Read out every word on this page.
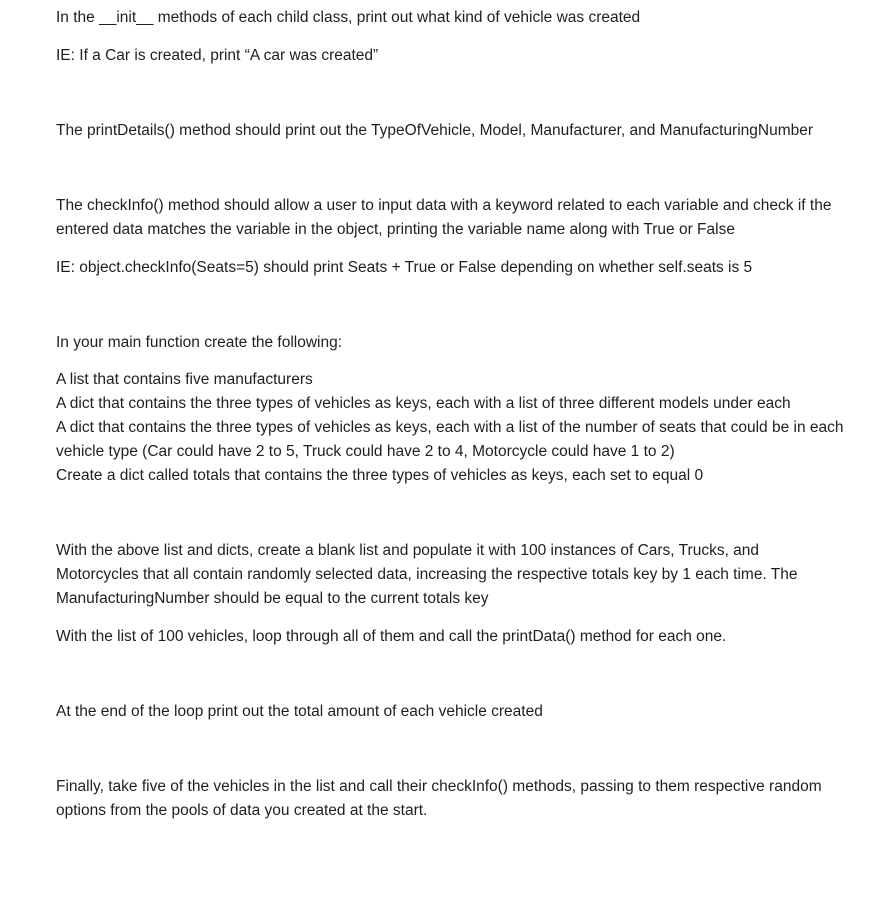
In the __init__ methods of each child class, print out what kind of vehicle was created

IE: If a Car is created, print “A car was created”

The printDetails() method should print out the TypeOfVehicle, Model, Manufacturer, and ManufacturingNumber

The checkInfo() method should allow a user to input data with a keyword related to each variable and check if the entered data matches the variable in the object, printing the variable name along with True or False

IE: object.checkInfo(Seats=5) should print Seats + True or False depending on whether self.seats is 5

In your main function create the following:

A list that contains five manufacturers

A dict that contains the three types of vehicles as keys, each with a list of three different models under each

A dict that contains the three types of vehicles as keys, each with a list of the number of seats that could be in each vehicle type (Car could have 2 to 5, Truck could have 2 to 4, Motorcycle could have 1 to 2)

Create a dict called totals that contains the three types of vehicles as keys, each set to equal 0

With the above list and dicts, create a blank list and populate it with 100 instances of Cars, Trucks, and Motorcycles that all contain randomly selected data, increasing the respective totals key by 1 each time. The ManufacturingNumber should be equal to the current totals key

With the list of 100 vehicles, loop through all of them and call the printData() method for each one.

At the end of the loop print out the total amount of each vehicle created

Finally, take five of the vehicles in the list and call their checkInfo() methods, passing to them respective random options from the pools of data you created at the start.
